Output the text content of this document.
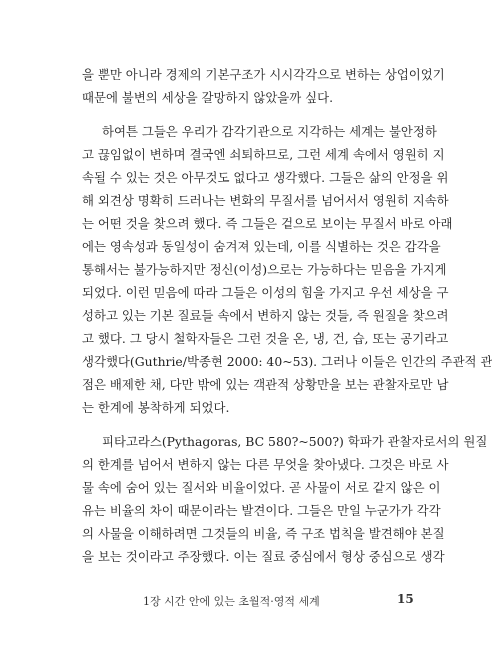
을 뿐만 아니라 경제의 기본구조가 시시각각으로 변하는 상업이었기
때문에 불변의 세상을 갈망하지 않았을까 싶다.
하여튼 그들은 우리가 감각기관으로 지각하는 세계는 불안정하
고 끊임없이 변하며 결국엔 쇠퇴하므로, 그런 세계 속에서 영원히 지
속될 수 있는 것은 아무것도 없다고 생각했다. 그들은 삶의 안정을 위
해 외견상 명확히 드러나는 변화의 무질서를 넘어서서 영원히 지속하
는 어떤 것을 찾으려 했다. 즉 그들은 겉으로 보이는 무질서 바로 아래
에는 영속성과 동일성이 숨겨져 있는데, 이를 식별하는 것은 감각을
통해서는 불가능하지만 정신(이성)으로는 가능하다는 믿음을 가지게
되었다. 이런 믿음에 따라 그들은 이성의 힘을 가지고 우선 세상을 구
성하고 있는 기본 질료들 속에서 변하지 않는 것들, 즉 원질을 찾으려
고 했다. 그 당시 철학자들은 그런 것을 온, 냉, 건, 습, 또는 공기라고
생각했다(Guthrie/박종현 2000: 40~53). 그러나 이들은 인간의 주관적 관
점은 배제한 채, 다만 밖에 있는 객관적 상황만을 보는 관찰자로만 남
는 한계에 봉착하게 되었다.
피타고라스(Pythagoras, BC 580?~500?) 학파가 관찰자로서의 원질
의 한계를 넘어서 변하지 않는 다른 무엇을 찾아냈다. 그것은 바로 사
물 속에 숨어 있는 질서와 비율이었다. 곧 사물이 서로 같지 않은 이
유는 비율의 차이 때문이라는 발견이다. 그들은 만일 누군가가 각각
의 사물을 이해하려면 그것들의 비율, 즉 구조 법칙을 발견해야 본질
을 보는 것이라고 주장했다. 이는 질료 중심에서 형상 중심으로 생각
1장 시간 안에 있는 초월적·영적 세계	15
